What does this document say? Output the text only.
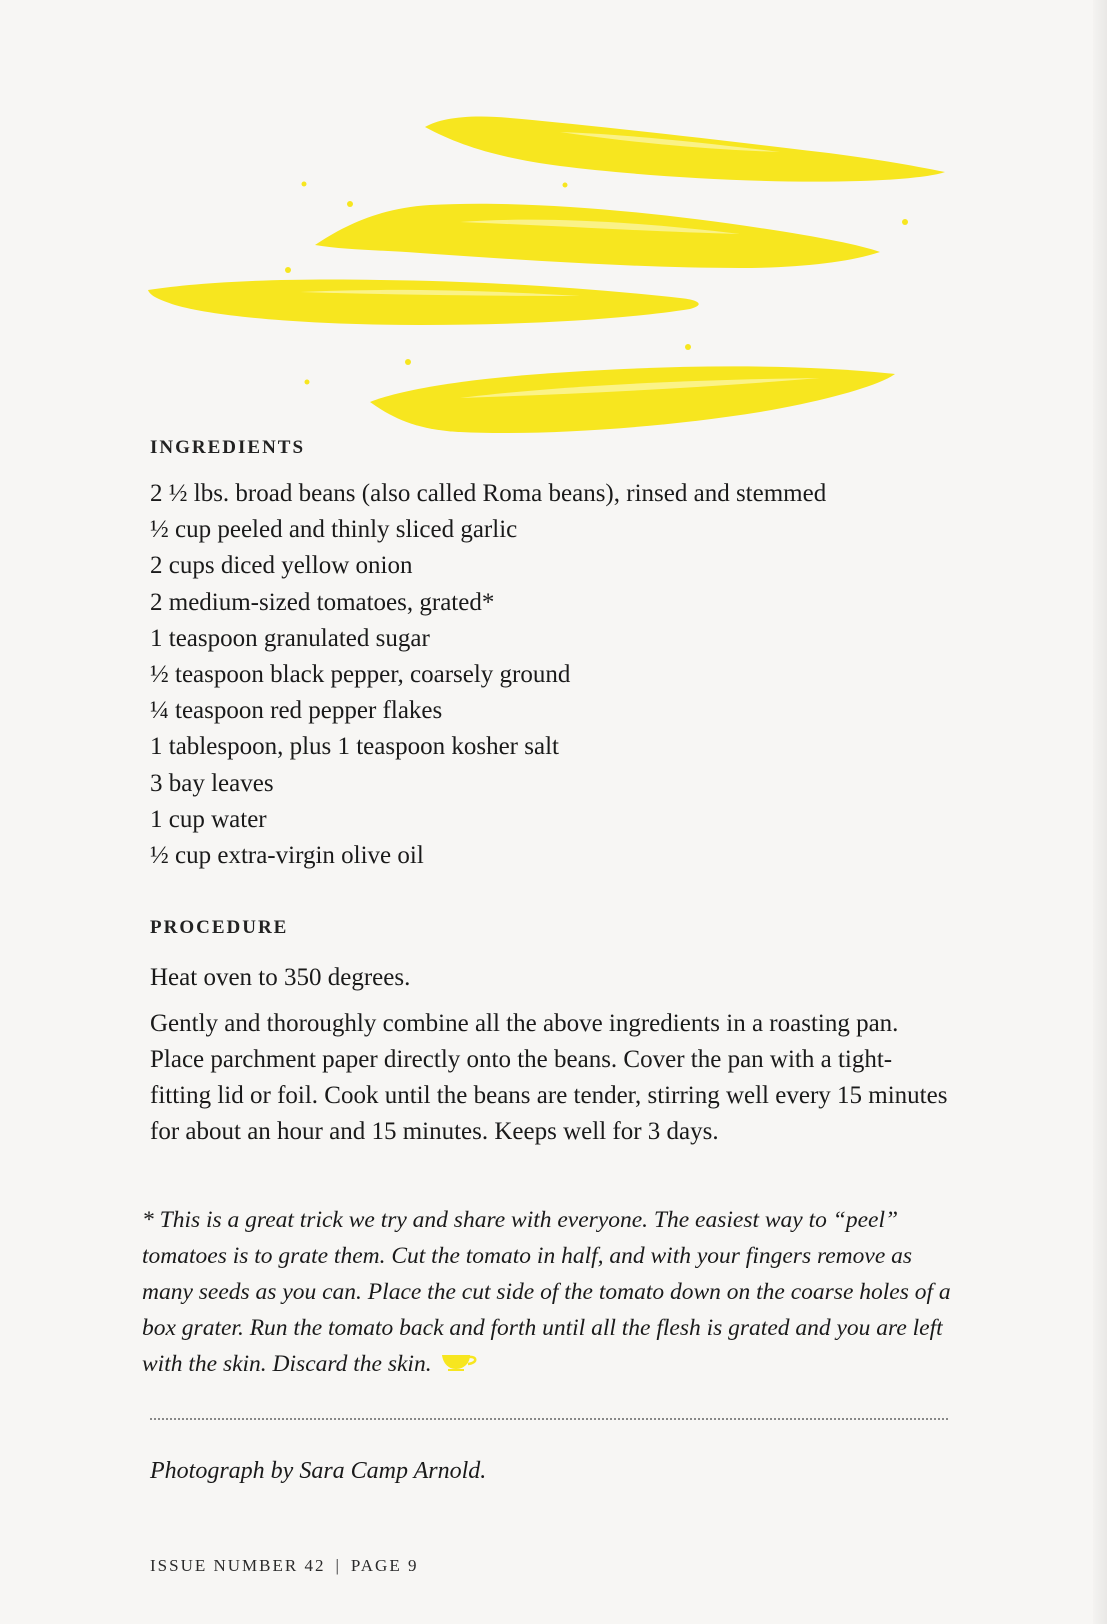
INGREDIENTS
2 ½ lbs. broad beans (also called Roma beans), rinsed and stemmed
½ cup peeled and thinly sliced garlic
2 cups diced yellow onion
2 medium-sized tomatoes, grated*
1 teaspoon granulated sugar
½ teaspoon black pepper, coarsely ground
¼ teaspoon red pepper flakes
1 tablespoon, plus 1 teaspoon kosher salt
3 bay leaves
1 cup water
½ cup extra-virgin olive oil
PROCEDURE

Heat oven to 350 degrees.

Gently and thoroughly combine all the above ingredients in a roasting pan. Place parchment paper directly onto the beans. Cover the pan with a tight-fitting lid or foil. Cook until the beans are tender, stirring well every 15 minutes for about an hour and 15 minutes. Keeps well for 3 days.

* This is a great trick we try and share with everyone. The easiest way to “peel” tomatoes is to grate them. Cut the tomato in half, and with your fingers remove as many seeds as you can. Place the cut side of the tomato down on the coarse holes of a box grater. Run the tomato back and forth until all the flesh is grated and you are left with the skin. Discard the skin.

Photograph by Sara Camp Arnold.

ISSUE NUMBER 42 | PAGE 9
